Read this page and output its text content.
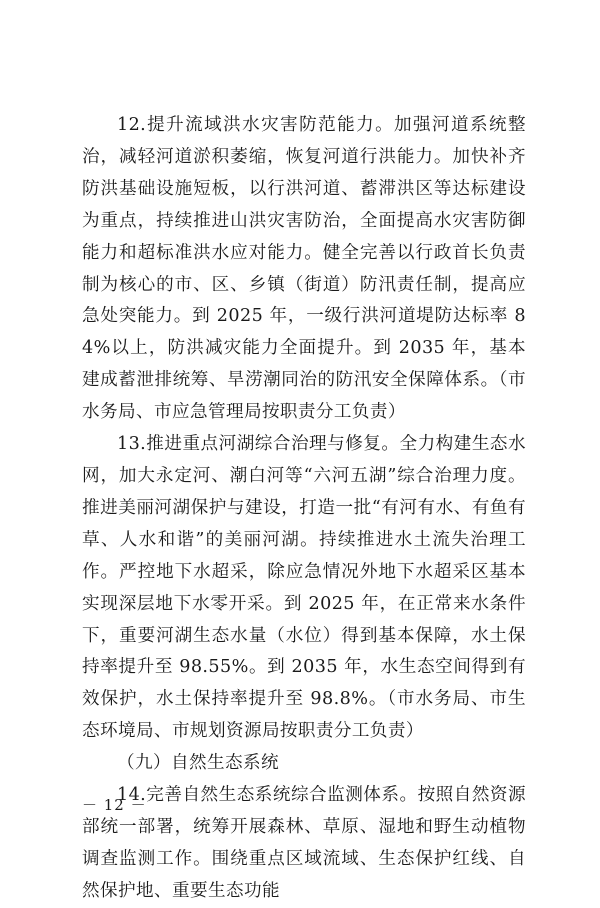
12.提升流域洪水灾害防范能力。加强河道系统整治，减轻河道淤积萎缩，恢复河道行洪能力。加快补齐防洪基础设施短板，以行洪河道、蓄滞洪区等达标建设为重点，持续推进山洪灾害防治，全面提高水灾害防御能力和超标准洪水应对能力。健全完善以行政首长负责制为核心的市、区、乡镇（街道）防汛责任制，提高应急处突能力。到 2025 年，一级行洪河道堤防达标率 84%以上，防洪减灾能力全面提升。到 2035 年，基本建成蓄泄排统筹、旱涝潮同治的防汛安全保障体系。（市水务局、市应急管理局按职责分工负责）

13.推进重点河湖综合治理与修复。全力构建生态水网，加大永定河、潮白河等“六河五湖”综合治理力度。推进美丽河湖保护与建设，打造一批“有河有水、有鱼有草、人水和谐”的美丽河湖。持续推进水土流失治理工作。严控地下水超采，除应急情况外地下水超采区基本实现深层地下水零开采。到 2025 年，在正常来水条件下，重要河湖生态水量（水位）得到基本保障，水土保持率提升至 98.55%。到 2035 年，水生态空间得到有效保护，水土保持率提升至 98.8%。（市水务局、市生态环境局、市规划资源局按职责分工负责）

（九）自然生态系统

14.完善自然生态系统综合监测体系。按照自然资源部统一部署，统筹开展森林、草原、湿地和野生动植物调查监测工作。围绕重点区域流域、生态保护红线、自然保护地、重要生态功能

－ 12 －
